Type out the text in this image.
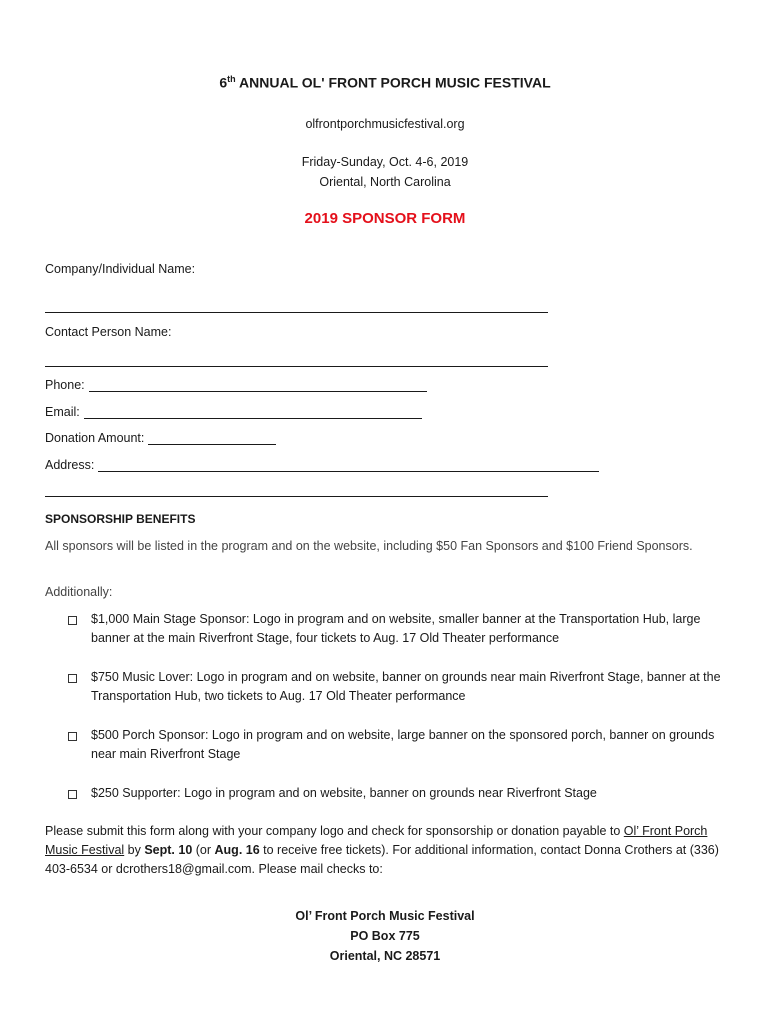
6th ANNUAL OL' FRONT PORCH MUSIC FESTIVAL
olfrontporchmusicfestival.org
Friday-Sunday, Oct. 4-6, 2019
Oriental, North Carolina
2019 SPONSOR FORM
Company/Individual Name:
Contact Person Name:
Phone:
Email:
Donation Amount:
Address:
SPONSORSHIP BENEFITS
All sponsors will be listed in the program and on the website, including $50 Fan Sponsors and $100 Friend Sponsors.
Additionally:
$1,000 Main Stage Sponsor: Logo in program and on website, smaller banner at the Transportation Hub, large banner at the main Riverfront Stage, four tickets to Aug. 17 Old Theater performance
$750 Music Lover: Logo in program and on website, banner on grounds near main Riverfront Stage, banner at the Transportation Hub, two tickets to Aug. 17 Old Theater performance
$500 Porch Sponsor: Logo in program and on website, large banner on the sponsored porch, banner on grounds near main Riverfront Stage
$250 Supporter: Logo in program and on website, banner on grounds near Riverfront Stage
Please submit this form along with your company logo and check for sponsorship or donation payable to Ol’ Front Porch Music Festival by Sept. 10 (or Aug. 16 to receive free tickets). For additional information, contact Donna Crothers at (336) 403-6534 or dcrothers18@gmail.com. Please mail checks to:
Ol’ Front Porch Music Festival
PO Box 775
Oriental, NC 28571
